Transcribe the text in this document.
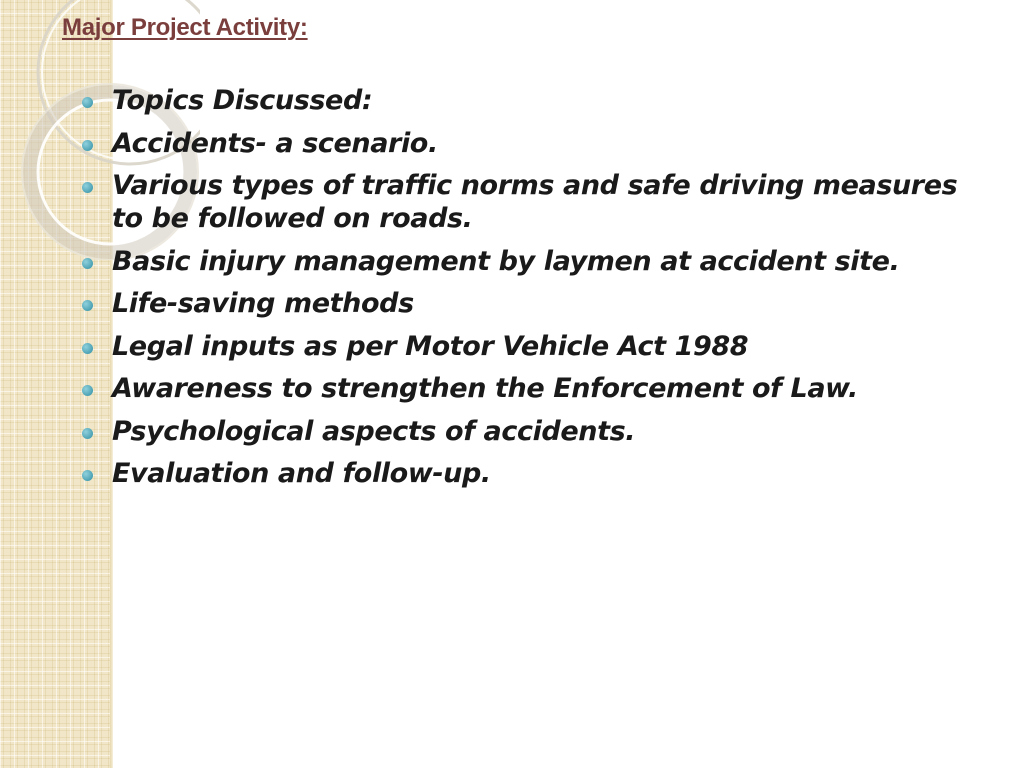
Major Project Activity:
Topics Discussed:
Accidents- a scenario.
Various types of traffic norms and safe driving measures to be followed on roads.
Basic injury management by laymen at accident site.
Life-saving methods
Legal inputs as per Motor Vehicle Act 1988
Awareness to strengthen the Enforcement of Law.
Psychological aspects of accidents.
Evaluation and follow-up.
